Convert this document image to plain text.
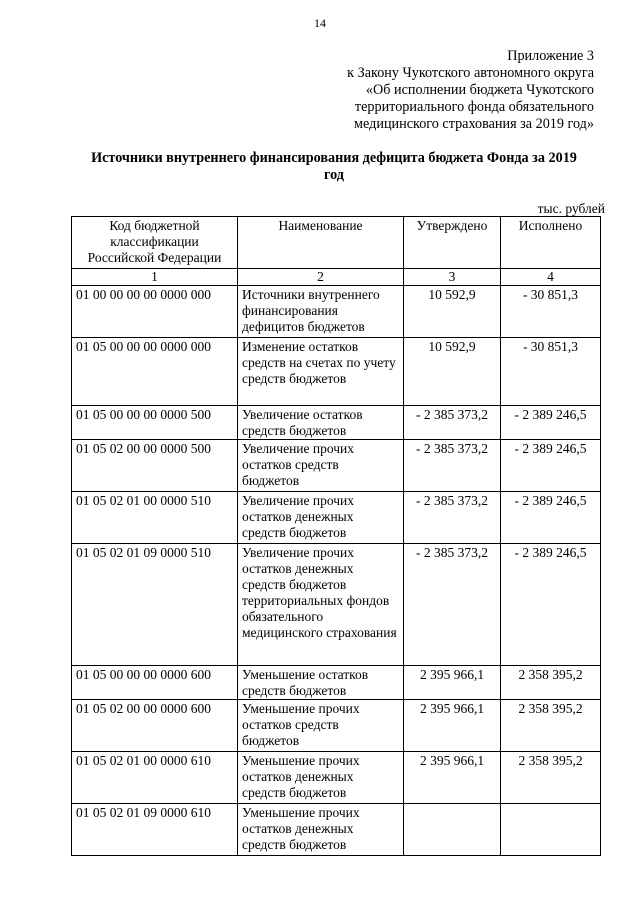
14
Приложение 3
к Закону Чукотского автономного округа
«Об исполнении бюджета Чукотского
территориального фонда обязательного
медицинского страхования за 2019 год»
Источники внутреннего финансирования дефицита бюджета Фонда за 2019
год
тыс. рублей
Код бюджетной классификации Российской Федерации	Наименование	Утверждено	Исполнено
1	2	3	4
01 00 00 00 00 0000 000	Источники внутреннего финансирования дефицитов бюджетов	10 592,9	- 30 851,3
01 05 00 00 00 0000 000	Изменение остатков средств на счетах по учету средств бюджетов	10 592,9	- 30 851,3
01 05 00 00 00 0000 500	Увеличение остатков средств бюджетов	- 2 385 373,2	- 2 389 246,5
01 05 02 00 00 0000 500	Увеличение прочих остатков средств бюджетов	- 2 385 373,2	- 2 389 246,5
01 05 02 01 00 0000 510	Увеличение прочих остатков денежных средств бюджетов	- 2 385 373,2	- 2 389 246,5
01 05 02 01 09 0000 510	Увеличение прочих остатков денежных средств бюджетов территориальных фондов обязательного медицинского страхования	- 2 385 373,2	- 2 389 246,5
01 05 00 00 00 0000 600	Уменьшение остатков средств бюджетов	2 395 966,1	2 358 395,2
01 05 02 00 00 0000 600	Уменьшение прочих остатков средств бюджетов	2 395 966,1	2 358 395,2
01 05 02 01 00 0000 610	Уменьшение прочих остатков денежных средств бюджетов	2 395 966,1	2 358 395,2
01 05 02 01 09 0000 610	Уменьшение прочих остатков денежных средств бюджетов		
